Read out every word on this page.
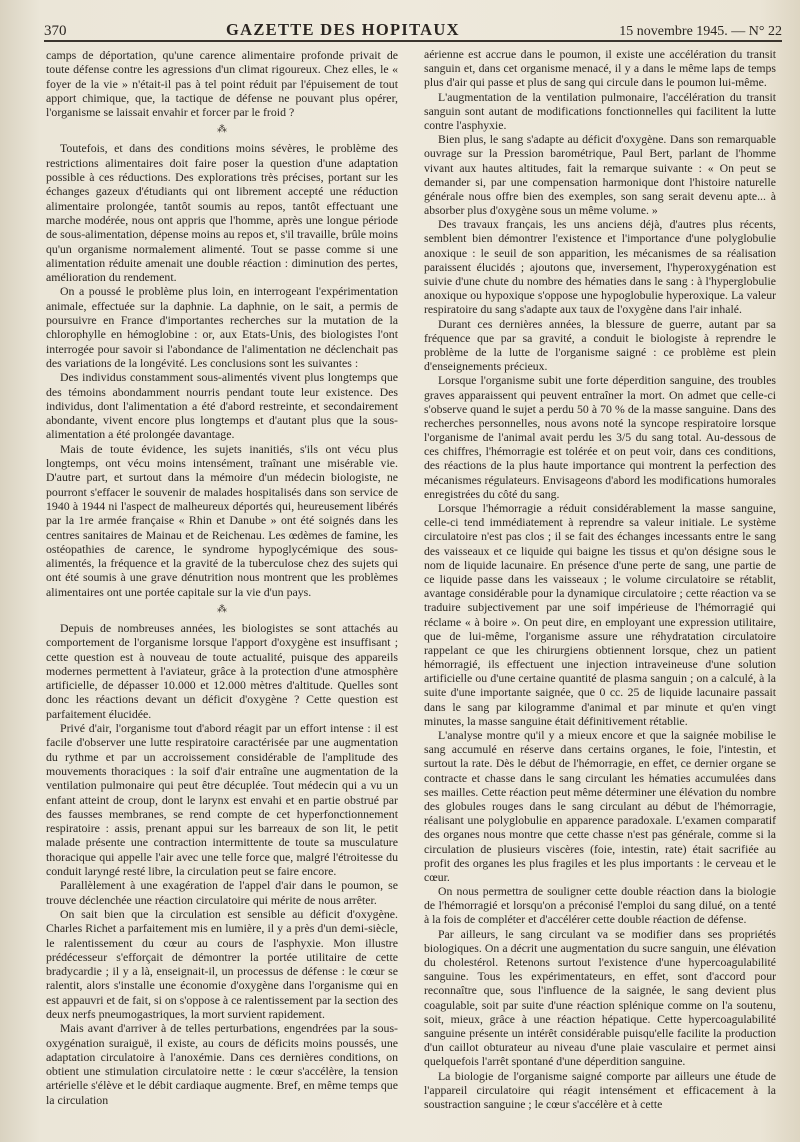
370	GAZETTE DES HOPITAUX	15 novembre 1945. — N° 22

camps de déportation, qu'une carence alimentaire profonde privait de toute défense contre les agressions d'un climat rigoureux. Chez elles, le « foyer de la vie » n'était-il pas à tel point réduit par l'épuisement de tout apport chimique, que, la tactique de défense ne pouvant plus opérer, l'organisme se laissait envahir et forcer par le froid ?

⁂

Toutefois, et dans des conditions moins sévères, le problème des restrictions alimentaires doit faire poser la question d'une adaptation possible à ces réductions. Des explorations très précises, portant sur les échanges gazeux d'étudiants qui ont librement accepté une réduction alimentaire prolongée, tantôt soumis au repos, tantôt effectuant une marche modérée, nous ont appris que l'homme, après une longue période de sous-alimentation, dépense moins au repos et, s'il travaille, brûle moins qu'un organisme normalement alimenté. Tout se passe comme si une alimentation réduite amenait une double réaction : diminution des pertes, amélioration du rendement.

On a poussé le problème plus loin, en interrogeant l'expérimentation animale, effectuée sur la daphnie. La daphnie, on le sait, a permis de poursuivre en France d'importantes recherches sur la mutation de la chlorophylle en hémoglobine : or, aux Etats-Unis, des biologistes l'ont interrogée pour savoir si l'abondance de l'alimentation ne déclenchait pas des variations de la longévité. Les conclusions sont les suivantes :

Des individus constamment sous-alimentés vivent plus longtemps que des témoins abondamment nourris pendant toute leur existence. Des individus, dont l'alimentation a été d'abord restreinte, et secondairement abondante, vivent encore plus longtemps et d'autant plus que la sous-alimentation a été prolongée davantage.

Mais de toute évidence, les sujets inanitiés, s'ils ont vécu plus longtemps, ont vécu moins intensément, traînant une misérable vie. D'autre part, et surtout dans la mémoire d'un médecin biologiste, ne pourront s'effacer le souvenir de malades hospitalisés dans son service de 1940 à 1944 ni l'aspect de malheureux déportés qui, heureusement libérés par la 1re armée française « Rhin et Danube » ont été soignés dans les centres sanitaires de Mainau et de Reichenau. Les œdèmes de famine, les ostéopathies de carence, le syndrome hypoglycémique des sous-alimentés, la fréquence et la gravité de la tuberculose chez des sujets qui ont été soumis à une grave dénutrition nous montrent que les problèmes alimentaires ont une portée capitale sur la vie d'un pays.

⁂

Depuis de nombreuses années, les biologistes se sont attachés au comportement de l'organisme lorsque l'apport d'oxygène est insuffisant ; cette question est à nouveau de toute actualité, puisque des appareils modernes permettent à l'aviateur, grâce à la protection d'une atmosphère artificielle, de dépasser 10.000 et 12.000 mètres d'altitude. Quelles sont donc les réactions devant un déficit d'oxygène ? Cette question est parfaitement élucidée.

Privé d'air, l'organisme tout d'abord réagit par un effort intense : il est facile d'observer une lutte respiratoire caractérisée par une augmentation du rythme et par un accroissement considérable de l'amplitude des mouvements thoraciques : la soif d'air entraîne une augmentation de la ventilation pulmonaire qui peut être décuplée. Tout médecin qui a vu un enfant atteint de croup, dont le larynx est envahi et en partie obstrué par des fausses membranes, se rend compte de cet hyperfonctionnement respiratoire : assis, prenant appui sur les barreaux de son lit, le petit malade présente une contraction intermittente de toute sa musculature thoracique qui appelle l'air avec une telle force que, malgré l'étroitesse du conduit laryngé resté libre, la circulation peut se faire encore.

Parallèlement à une exagération de l'appel d'air dans le poumon, se trouve déclenchée une réaction circulatoire qui mérite de nous arrêter.

On sait bien que la circulation est sensible au déficit d'oxygène. Charles Richet a parfaitement mis en lumière, il y a près d'un demi-siècle, le ralentissement du cœur au cours de l'asphyxie. Mon illustre prédécesseur s'efforçait de démontrer la portée utilitaire de cette bradycardie ; il y a là, enseignait-il, un processus de défense : le cœur se ralentit, alors s'installe une économie d'oxygène dans l'organisme qui en est appauvri et de fait, si on s'oppose à ce ralentissement par la section des deux nerfs pneumogastriques, la mort survient rapidement.

Mais avant d'arriver à de telles perturbations, engendrées par la sous-oxygénation suraiguë, il existe, au cours de déficits moins poussés, une adaptation circulatoire à l'anoxémie. Dans ces dernières conditions, on obtient une stimulation circulatoire nette : le cœur s'accélère, la tension artérielle s'élève et le débit cardiaque augmente. Bref, en même temps que la circulation

aérienne est accrue dans le poumon, il existe une accélération du transit sanguin et, dans cet organisme menacé, il y a dans le même laps de temps plus d'air qui passe et plus de sang qui circule dans le poumon lui-même.

L'augmentation de la ventilation pulmonaire, l'accélération du transit sanguin sont autant de modifications fonctionnelles qui facilitent la lutte contre l'asphyxie.

Bien plus, le sang s'adapte au déficit d'oxygène. Dans son remarquable ouvrage sur la Pression barométrique, Paul Bert, parlant de l'homme vivant aux hautes altitudes, fait la remarque suivante : « On peut se demander si, par une compensation harmonique dont l'histoire naturelle générale nous offre bien des exemples, son sang serait devenu apte... à absorber plus d'oxygène sous un même volume. »

Des travaux français, les uns anciens déjà, d'autres plus récents, semblent bien démontrer l'existence et l'importance d'une polyglobulie anoxique : le seuil de son apparition, les mécanismes de sa réalisation paraissent élucidés ; ajoutons que, inversement, l'hyperoxygénation est suivie d'une chute du nombre des hématies dans le sang : à l'hyperglobulie anoxique ou hypoxique s'oppose une hypoglobulie hyperoxique. La valeur respiratoire du sang s'adapte aux taux de l'oxygène dans l'air inhalé.

Durant ces dernières années, la blessure de guerre, autant par sa fréquence que par sa gravité, a conduit le biologiste à reprendre le problème de la lutte de l'organisme saigné : ce problème est plein d'enseignements précieux.

Lorsque l'organisme subit une forte déperdition sanguine, des troubles graves apparaissent qui peuvent entraîner la mort. On admet que celle-ci s'observe quand le sujet a perdu 50 à 70 % de la masse sanguine. Dans des recherches personnelles, nous avons noté la syncope respiratoire lorsque l'organisme de l'animal avait perdu les 3/5 du sang total. Au-dessous de ces chiffres, l'hémorragie est tolérée et on peut voir, dans ces conditions, des réactions de la plus haute importance qui montrent la perfection des mécanismes régulateurs. Envisageons d'abord les modifications humorales enregistrées du côté du sang.

Lorsque l'hémorragie a réduit considérablement la masse sanguine, celle-ci tend immédiatement à reprendre sa valeur initiale. Le système circulatoire n'est pas clos ; il se fait des échanges incessants entre le sang des vaisseaux et ce liquide qui baigne les tissus et qu'on désigne sous le nom de liquide lacunaire. En présence d'une perte de sang, une partie de ce liquide passe dans les vaisseaux ; le volume circulatoire se rétablit, avantage considérable pour la dynamique circulatoire ; cette réaction va se traduire subjectivement par une soif impérieuse de l'hémorragié qui réclame « à boire ». On peut dire, en employant une expression utilitaire, que de lui-même, l'organisme assure une réhydratation circulatoire rappelant ce que les chirurgiens obtiennent lorsque, chez un patient hémorragié, ils effectuent une injection intraveineuse d'une solution artificielle ou d'une certaine quantité de plasma sanguin ; on a calculé, à la suite d'une importante saignée, que 0 cc. 25 de liquide lacunaire passait dans le sang par kilogramme d'animal et par minute et qu'en vingt minutes, la masse sanguine était définitivement rétablie.

L'analyse montre qu'il y a mieux encore et que la saignée mobilise le sang accumulé en réserve dans certains organes, le foie, l'intestin, et surtout la rate. Dès le début de l'hémorragie, en effet, ce dernier organe se contracte et chasse dans le sang circulant les hématies accumulées dans ses mailles. Cette réaction peut même déterminer une élévation du nombre des globules rouges dans le sang circulant au début de l'hémorragie, réalisant une polyglobulie en apparence paradoxale. L'examen comparatif des organes nous montre que cette chasse n'est pas générale, comme si la circulation de plusieurs viscères (foie, intestin, rate) était sacrifiée au profit des organes les plus fragiles et les plus importants : le cerveau et le cœur.

On nous permettra de souligner cette double réaction dans la biologie de l'hémorragié et lorsqu'on a préconisé l'emploi du sang dilué, on a tenté à la fois de compléter et d'accélérer cette double réaction de défense.

Par ailleurs, le sang circulant va se modifier dans ses propriétés biologiques. On a décrit une augmentation du sucre sanguin, une élévation du cholestérol. Retenons surtout l'existence d'une hypercoagulabilité sanguine. Tous les expérimentateurs, en effet, sont d'accord pour reconnaître que, sous l'influence de la saignée, le sang devient plus coagulable, soit par suite d'une réaction splénique comme on l'a soutenu, soit, mieux, grâce à une réaction hépatique. Cette hypercoagulabilité sanguine présente un intérêt considérable puisqu'elle facilite la production d'un caillot obturateur au niveau d'une plaie vasculaire et permet ainsi quelquefois l'arrêt spontané d'une déperdition sanguine.

La biologie de l'organisme saigné comporte par ailleurs une étude de l'appareil circulatoire qui réagit intensément et efficacement à la soustraction sanguine ; le cœur s'accélère et à cette
